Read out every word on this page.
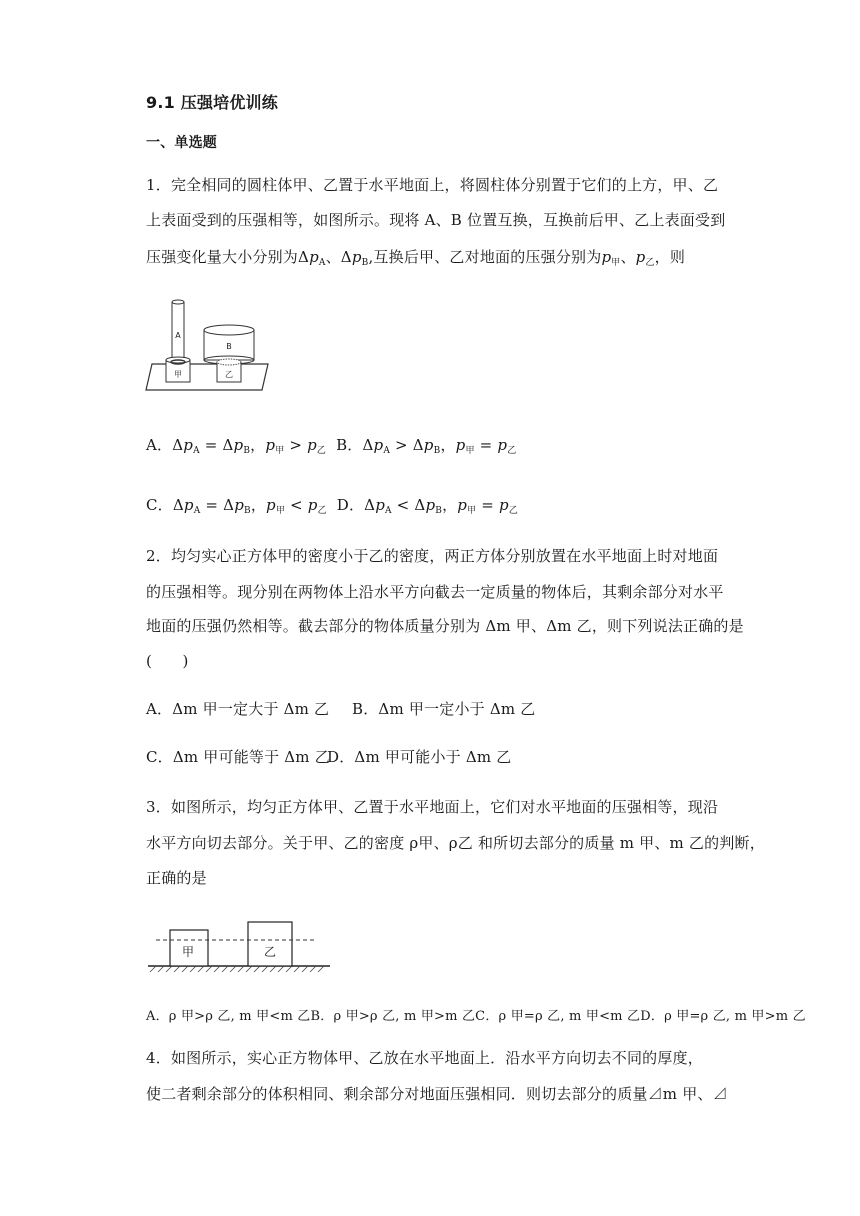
9.1 压强培优训练
一、单选题
1．完全相同的圆柱体甲、乙置于水平地面上，将圆柱体分别置于它们的上方，甲、乙
上表面受到的压强相等，如图所示。现将 A、B 位置互换，互换前后甲、乙上表面受到
压强变化量大小分别为$\Delta p_A$、$\Delta p_B$,互换后甲、乙对地面的压强分别为$p_甲$、$p_乙$，则
A
甲
B
乙
A．$\Delta p_A = \Delta p_B$，$p_甲 > p_乙$ B．$\Delta p_A > \Delta p_B$，$p_甲 = p_乙$
C．$\Delta p_A = \Delta p_B$，$p_甲 < p_乙$ D．$\Delta p_A < \Delta p_B$，$p_甲 = p_乙$
2．均匀实心正方体甲的密度小于乙的密度，两正方体分别放置在水平地面上时对地面
的压强相等。现分别在两物体上沿水平方向截去一定质量的物体后，其剩余部分对水平
地面的压强仍然相等。截去部分的物体质量分别为 Δm 甲、Δm 乙，则下列说法正确的是
(　　)
A．Δm 甲一定大于 Δm 乙 B．Δm 甲一定小于 Δm 乙
C．Δm 甲可能等于 Δm 乙
D．Δm 甲可能小于 Δm 乙
3．如图所示，均匀正方体甲、乙置于水平地面上，它们对水平地面的压强相等，现沿
水平方向切去部分。关于甲、乙的密度 ρ甲、ρ乙 和所切去部分的质量 m 甲、m 乙的判断，
正确的是
甲	乙
A．ρ 甲>ρ 乙, m 甲<m 乙B．ρ 甲>ρ 乙, m 甲>m 乙C．ρ 甲=ρ 乙, m 甲<m 乙D．ρ 甲=ρ 乙, m 甲>m 乙
4．如图所示，实心正方物体甲、乙放在水平地面上．沿水平方向切去不同的厚度，
使二者剩余部分的体积相同、剩余部分对地面压强相同．则切去部分的质量⊿m 甲、⊿
